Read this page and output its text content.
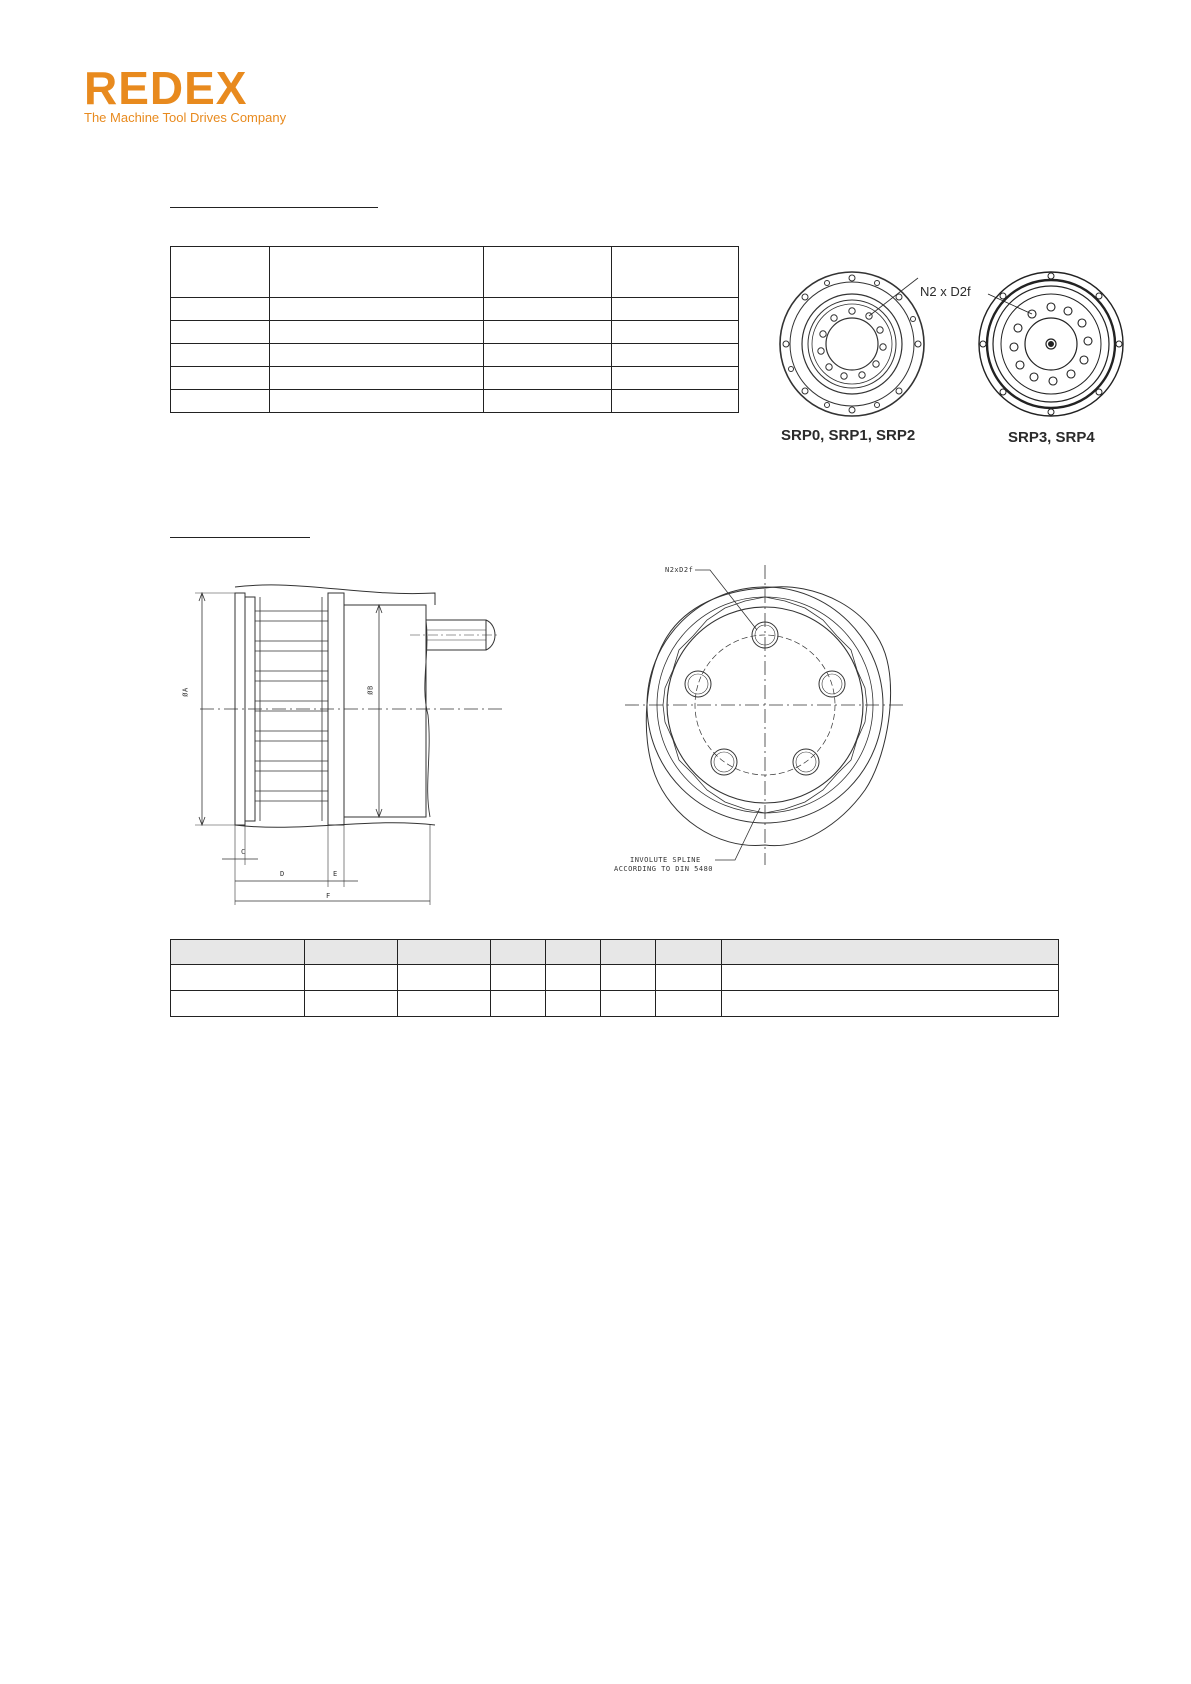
REDEX
The Machine Tool Drives Company

N2 x D2f
SRP0, SRP1, SRP2	SRP3, SRP4
ØA	ØB
C
D	E
F
N2xD2f
INVOLUTE SPLINE
ACCORDING TO DIN 5480
